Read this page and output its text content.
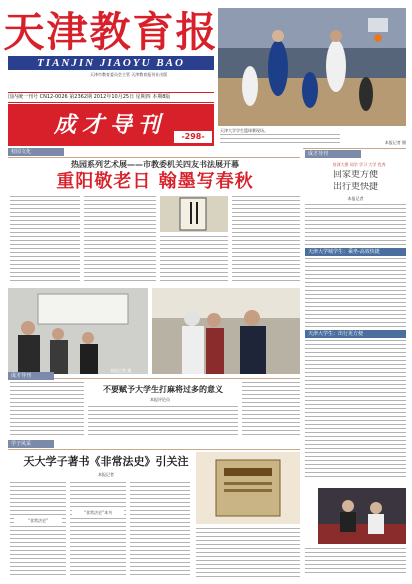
天津教育报
TIANJIN JIAOYU BAO
天津市教育委员会主管 天津教育报刊社出版
国内统一刊号 CN12-0026 第2362期 2012年10月25日 星期四 本期8版
成才导刊	-298-
天津大学学生篮球赛现场。
本报记者 摄
成才导刊
培训大赛 同学 学习 大学 优秀
回家更方便
出行更快捷
本报记者
天津大学城学生：乘坐-高效快捷
天津大学生：出行更方便
校园文化
热园系列艺术展——市教委机关四友书法展开幕
重阳敬老日 翰墨写春秋
本报记者 摄
成才导刊
不要赋予大学生打麻将过多的意义
本报评论员
学子风采
天大学子著书《非常法史》引关注
本报记者
“非常法史”
“非常法史”本书
